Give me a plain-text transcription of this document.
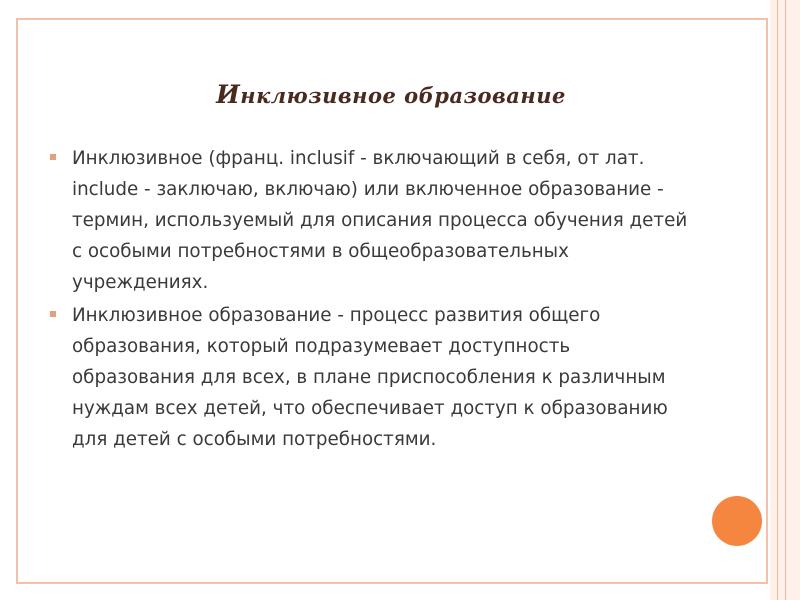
Инклюзивное образование
Инклюзивное (франц. inclusif - включающий в себя, от лат. include - заключаю, включаю) или включенное образование - термин, используемый для описания процесса обучения детей с особыми потребностями в общеобразовательных учреждениях.
Инклюзивное образование - процесс развития общего образования, который подразумевает доступность образования для всех, в плане приспособления к различным нуждам всех детей, что обеспечивает доступ к образованию для детей с особыми потребностями.
